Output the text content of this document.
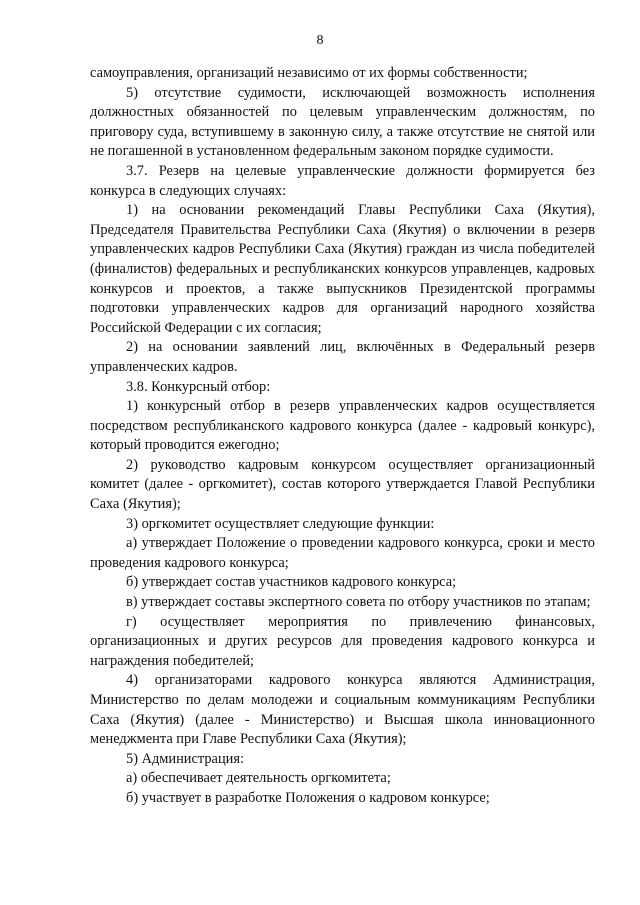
8

самоуправления, организаций независимо от их формы собственности;

5) отсутствие судимости, исключающей возможность исполнения должностных обязанностей по целевым управленческим должностям, по приговору суда, вступившему в законную силу, а также отсутствие не снятой или не погашенной в установленном федеральным законом порядке судимости.

3.7. Резерв на целевые управленческие должности формируется без конкурса в следующих случаях:

1) на основании рекомендаций Главы Республики Саха (Якутия), Председателя Правительства Республики Саха (Якутия) о включении в резерв управленческих кадров Республики Саха (Якутия) граждан из числа победителей (финалистов) федеральных и республиканских конкурсов управленцев, кадровых конкурсов и проектов, а также выпускников Президентской программы подготовки управленческих кадров для организаций народного хозяйства Российской Федерации с их согласия;

2) на основании заявлений лиц, включённых в Федеральный резерв управленческих кадров.

3.8. Конкурсный отбор:

1) конкурсный отбор в резерв управленческих кадров осуществляется посредством республиканского кадрового конкурса (далее - кадровый конкурс), который проводится ежегодно;

2) руководство кадровым конкурсом осуществляет организационный комитет (далее - оргкомитет), состав которого утверждается Главой Республики Саха (Якутия);

3) оргкомитет осуществляет следующие функции:

а) утверждает Положение о проведении кадрового конкурса, сроки и место проведения кадрового конкурса;

б) утверждает состав участников кадрового конкурса;

в) утверждает составы экспертного совета по отбору участников по этапам;

г) осуществляет мероприятия по привлечению финансовых, организационных и других ресурсов для проведения кадрового конкурса и награждения победителей;

4) организаторами кадрового конкурса являются Администрация, Министерство по делам молодежи и социальным коммуникациям Республики Саха (Якутия) (далее - Министерство) и Высшая школа инновационного менеджмента при Главе Республики Саха (Якутия);

5) Администрация:

а) обеспечивает деятельность оргкомитета;

б) участвует в разработке Положения о кадровом конкурсе;
